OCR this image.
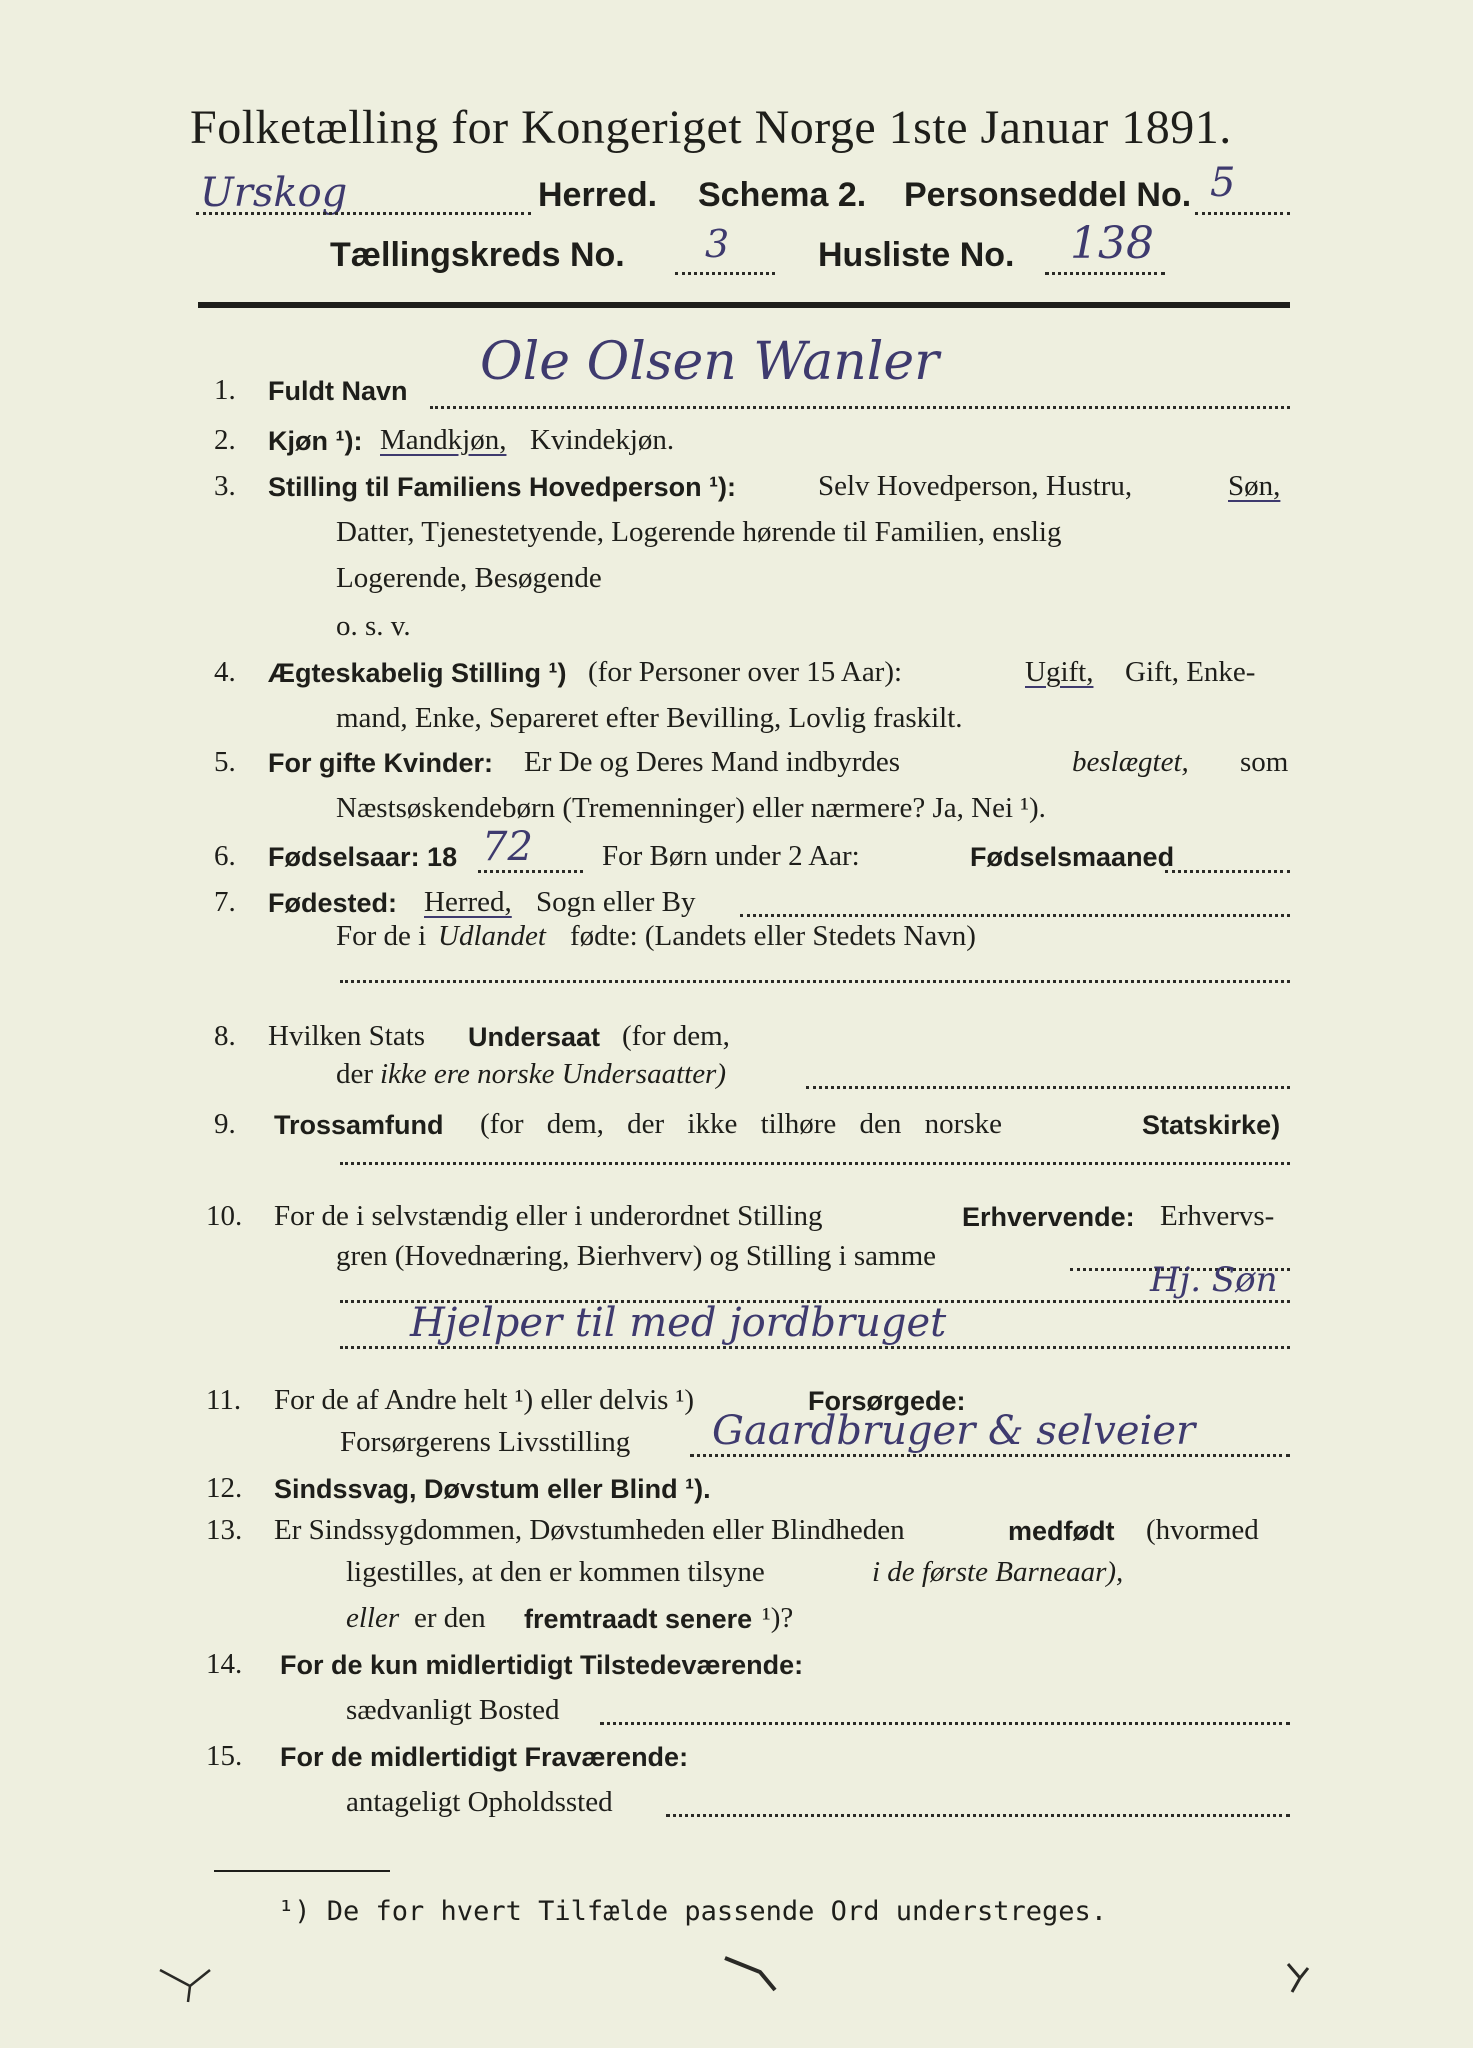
Folketælling for Kongeriget Norge 1ste Januar 1891.
Urskog	Herred. Schema 2. Personseddel No. 5
Tællingskreds No. 3	Husliste No. 138
1. Fuldt Navn Ole Olsen Wanler
2. Kjøn ¹): Mandkjøn, Kvindekjøn.
3. Stilling til Familiens Hovedperson ¹):	Selv Hovedperson, Hustru,	Søn,
Datter, Tjenestetyende, Logerende hørende til Familien, enslig
Logerende, Besøgende
o. s. v.
4. Ægteskabelig Stilling ¹) (for Personer over 15 Aar):	Ugift, Gift, Enke-
mand, Enke, Separeret efter Bevilling, Lovlig fraskilt.
5. For gifte Kvinder: Er De og Deres Mand indbyrdes	beslægtet, som
Næstsøskendebørn (Tremenninger) eller nærmere? Ja, Nei ¹).
6. Fødselsaar: 18 72 For Børn under 2 Aar:	Fødselsmaaned
7. Fødested: Herred, Sogn eller By
For de i Udlandet fødte: (Landets eller Stedets Navn)
8. Hvilken Stats Undersaat (for dem,
der ikke ere norske Undersaatter)
9. Trossamfund (for dem, der ikke tilhøre den norske	Statskirke)
10. For de i selvstændig eller i underordnet Stilling	Erhvervende: Erhvervs-
gren (Hovednæring, Bierhverv) og Stilling i samme
Hj. Søn
Hjelper til med jordbruget
11. For de af Andre helt ¹) eller delvis ¹)	Forsørgede:
Forsørgerens Livsstilling Gaardbruger & selveier
12. Sindssvag, Døvstum eller Blind ¹).
13. Er Sindssygdommen, Døvstumheden eller Blindheden	medfødt (hvormed
ligestilles, at den er kommen tilsyne	i de første Barneaar),
eller er den fremtraadt senere ¹)?
14. For de kun midlertidigt Tilstedeværende:
sædvanligt Bosted
15. For de midlertidigt Fraværende:
antageligt Opholdssted
¹) De for hvert Tilfælde passende Ord understreges.
